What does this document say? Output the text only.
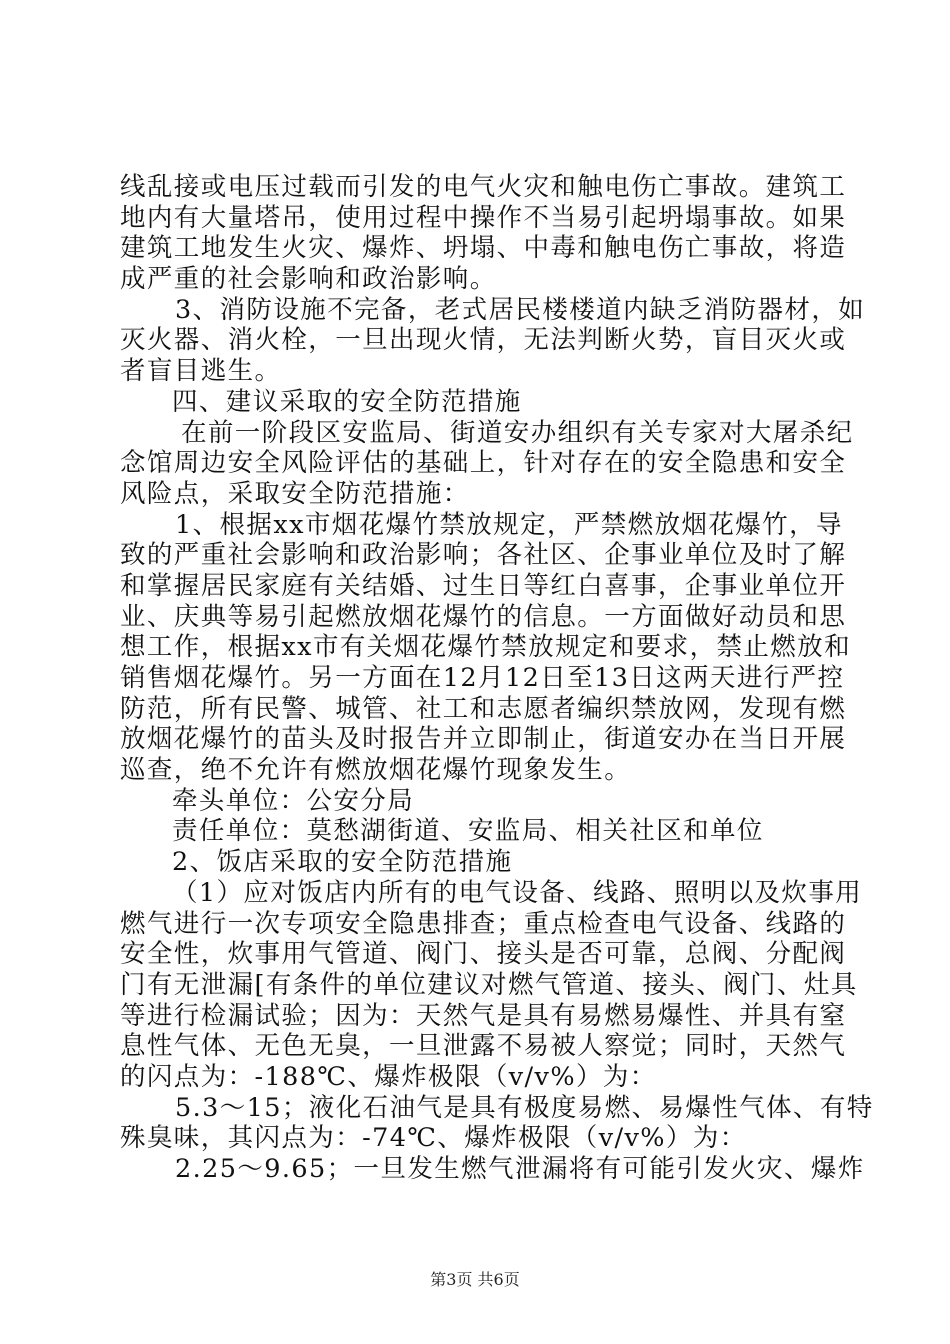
线乱接或电压过载而引发的电气火灾和触电伤亡事故。建筑工
地内有大量塔吊，使用过程中操作不当易引起坍塌事故。如果
建筑工地发生火灾、爆炸、坍塌、中毒和触电伤亡事故，将造
成严重的社会影响和政治影响。
3、消防设施不完备，老式居民楼楼道内缺乏消防器材，如
灭火器、消火栓，一旦出现火情，无法判断火势，盲目灭火或
者盲目逃生。
四、建议采取的安全防范措施
在前一阶段区安监局、街道安办组织有关专家对大屠杀纪
念馆周边安全风险评估的基础上，针对存在的安全隐患和安全
风险点，采取安全防范措施：
1、根据xx市烟花爆竹禁放规定，严禁燃放烟花爆竹，导
致的严重社会影响和政治影响；各社区、企事业单位及时了解
和掌握居民家庭有关结婚、过生日等红白喜事，企事业单位开
业、庆典等易引起燃放烟花爆竹的信息。一方面做好动员和思
想工作，根据xx市有关烟花爆竹禁放规定和要求，禁止燃放和
销售烟花爆竹。另一方面在12月12日至13日这两天进行严控
防范，所有民警、城管、社工和志愿者编织禁放网，发现有燃
放烟花爆竹的苗头及时报告并立即制止，街道安办在当日开展
巡查，绝不允许有燃放烟花爆竹现象发生。
牵头单位：公安分局
责任单位：莫愁湖街道、安监局、相关社区和单位
2、饭店采取的安全防范措施
（1）应对饭店内所有的电气设备、线路、照明以及炊事用
燃气进行一次专项安全隐患排查；重点检查电气设备、线路的
安全性，炊事用气管道、阀门、接头是否可靠，总阀、分配阀
门有无泄漏[有条件的单位建议对燃气管道、接头、阀门、灶具
等进行检漏试验；因为：天然气是具有易燃易爆性、并具有窒
息性气体、无色无臭，一旦泄露不易被人察觉；同时，天然气
的闪点为：-188℃、爆炸极限（v/v%）为：
5.3～15；液化石油气是具有极度易燃、易爆性气体、有特
殊臭味，其闪点为：-74℃、爆炸极限（v/v%）为：
2.25～9.65；一旦发生燃气泄漏将有可能引发火灾、爆炸
第3页 共6页
